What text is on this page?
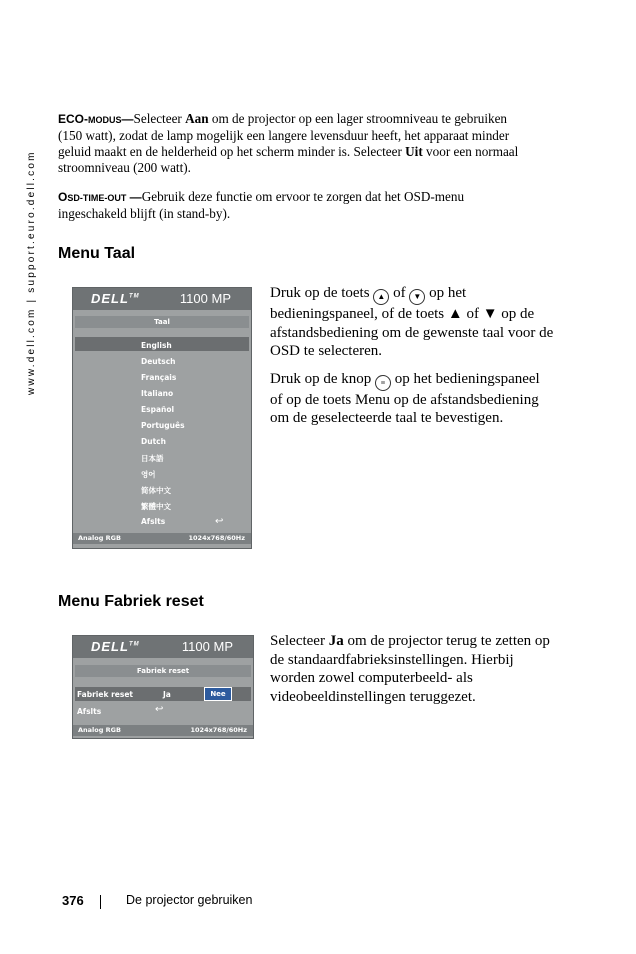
www.dell.com | support.euro.dell.com
ECO-MODUS—Selecteer Aan om de projector op een lager stroomniveau te gebruiken (150 watt), zodat de lamp mogelijk een langere levensduur heeft, het apparaat minder geluid maakt en de helderheid op het scherm minder is. Selecteer Uit voor een normaal stroomniveau (200 watt).
OSD-TIME-OUT —Gebruik deze functie om ervoor te zorgen dat het OSD-menu ingeschakeld blijft (in stand-by).
Menu Taal
DELL™	1100 MP
Taal
English
Deutsch
Français
Italiano
Español
Português
Dutch
日本語
영어
简体中文
繁體中文
Afslts
Analog RGB	1024x768/60Hz
↩

Druk op de toets ▲ of ▼ op het bedieningspaneel, of de toets ▲ of ▼ op de afstandsbediening om de gewenste taal voor de OSD te selecteren.

Druk op de knop ≡ op het bedieningspaneel of op de toets Menu op de afstandsbediening om de geselecteerde taal te bevestigen.

Menu Fabriek reset
DELL™	1100 MP
Fabriek reset
Fabriek reset	Ja	Nee
Afslts	↩
Analog RGB	1024x768/60Hz

Selecteer Ja om de projector terug te zetten op de standaardfabrieksinstellingen. Hierbij worden zowel computerbeeld- als videobeeldinstellingen teruggezet.

376	De projector gebruiken
